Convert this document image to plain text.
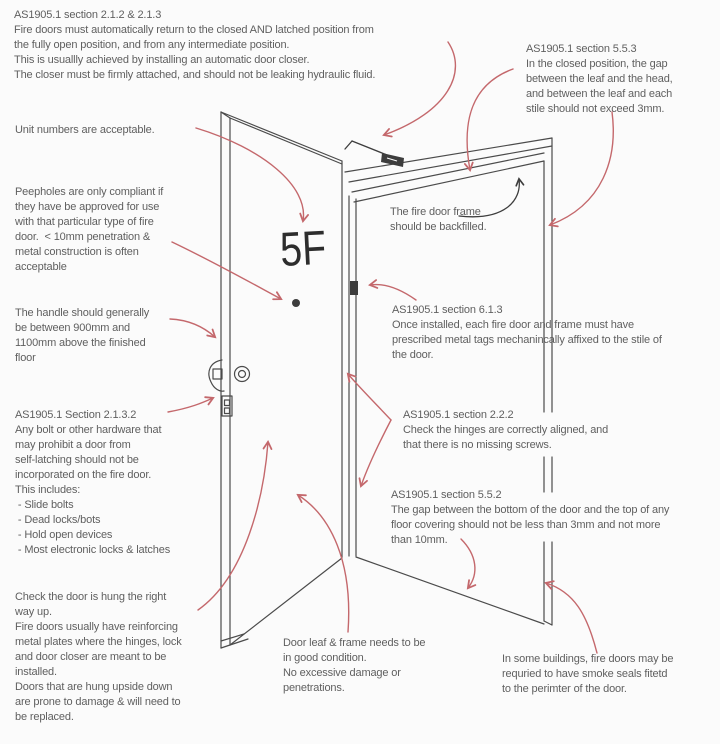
5F
AS1905.1 section 2.1.2 & 2.1.3
Fire doors must automatically return to the closed AND latched position from
the fully open position, and from any intermediate position.
This is usuallly achieved by installing an automatic door closer.
The closer must be firmly attached, and should not be leaking hydraulic fluid.
AS1905.1 section 5.5.3
In the closed position, the gap
between the leaf and the head,
and between the leaf and each
stile should not exceed 3mm.
Unit numbers are acceptable.
Peepholes are only compliant if
they have be approved for use
with that particular type of fire
door.  < 10mm penetration &
metal construction is often
acceptable
The fire door frame
should be backfilled.
The handle should generally
be between 900mm and
1100mm above the finished
floor
AS1905.1 section 6.1.3
Once installed, each fire door and frame must have
prescribed metal tags mechanincally affixed to the stile of
the door.
AS1905.1 Section 2.1.3.2
Any bolt or other hardware that
may prohibit a door from
self-latching should not be
incorporated on the fire door.
This includes:
- Slide bolts
- Dead locks/bots
- Hold open devices
- Most electronic locks & latches
AS1905.1 section 2.2.2
Check the hinges are correctly aligned, and
that there is no missing screws.
AS1905.1 section 5.5.2
The gap between the bottom of the door and the top of any
floor covering should not be less than 3mm and not more
than 10mm.
Check the door is hung the right
way up.
Fire doors usually have reinforcing
metal plates where the hinges, lock
and door closer are meant to be
installed.
Doors that are hung upside down
are prone to damage & will need to
be replaced.
Door leaf & frame needs to be
in good condition.
No excessive damage or
penetrations.
In some buildings, fire doors may be
requried to have smoke seals fitetd
to the perimter of the door.
